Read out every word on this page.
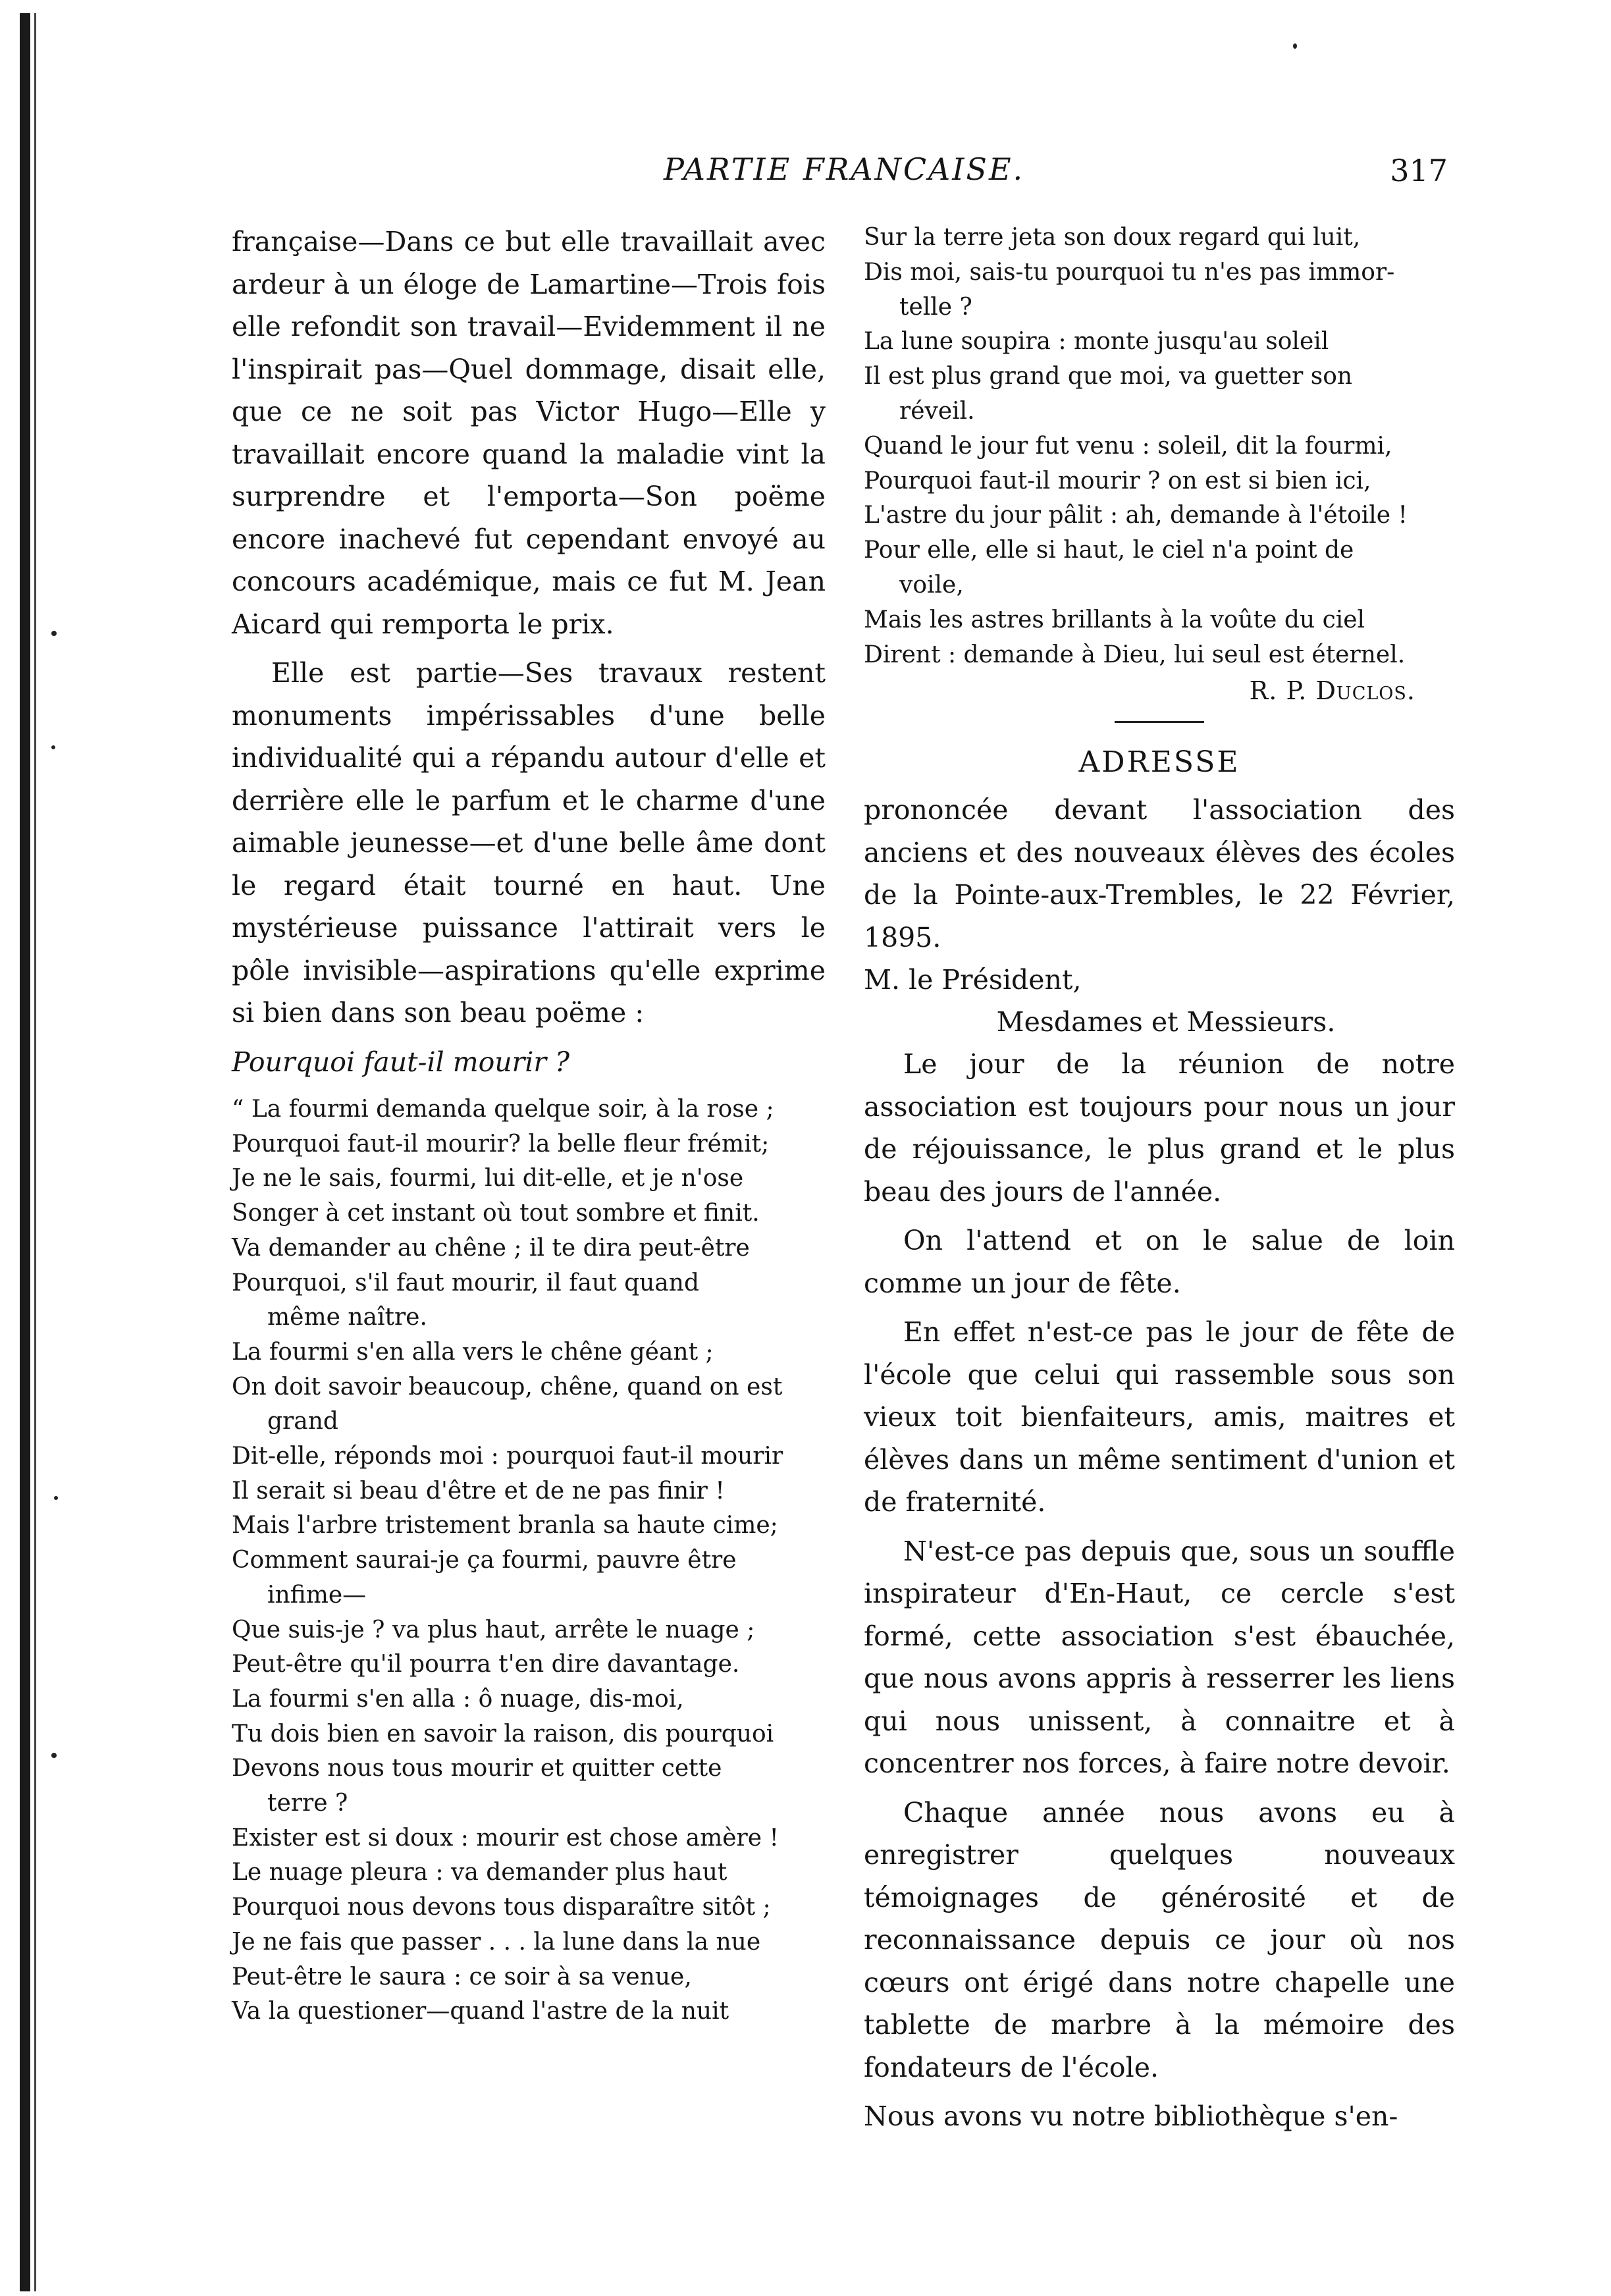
PARTIE FRANCAISE.	317

française—Dans ce but elle travaillait avec ardeur à un éloge de Lamartine—Trois fois elle refondit son travail—Evidemment il ne l'inspirait pas—Quel dommage, disait elle, que ce ne soit pas Victor Hugo—Elle y travaillait encore quand la maladie vint la surprendre et l'emporta—Son poëme encore inachevé fut cependant envoyé au concours académique, mais ce fut M. Jean Aicard qui remporta le prix.

Elle est partie—Ses travaux restent monuments impérissables d'une belle individualité qui a répandu autour d'elle et derrière elle le parfum et le charme d'une aimable jeunesse—et d'une belle âme dont le regard était tourné en haut. Une mystérieuse puissance l'attirait vers le pôle invisible—aspirations qu'elle exprime si bien dans son beau poëme :

Pourquoi faut-il mourir ?

“ La fourmi demanda quelque soir, à la rose ;
Pourquoi faut-il mourir? la belle fleur frémit;
Je ne le sais, fourmi, lui dit-elle, et je n'ose
Songer à cet instant où tout sombre et finit.
Va demander au chêne ; il te dira peut-être
Pourquoi, s'il faut mourir, il faut quand
même naître.
La fourmi s'en alla vers le chêne géant ;
On doit savoir beaucoup, chêne, quand on est
grand
Dit-elle, réponds moi : pourquoi faut-il mourir
Il serait si beau d'être et de ne pas finir !
Mais l'arbre tristement branla sa haute cime;
Comment saurai-je ça fourmi, pauvre être
infime—
Que suis-je ? va plus haut, arrête le nuage ;
Peut-être qu'il pourra t'en dire davantage.
La fourmi s'en alla : ô nuage, dis-moi,
Tu dois bien en savoir la raison, dis pourquoi
Devons nous tous mourir et quitter cette
terre ?
Exister est si doux : mourir est chose amère !
Le nuage pleura : va demander plus haut
Pourquoi nous devons tous disparaître sitôt ;
Je ne fais que passer . . . la lune dans la nue
Peut-être le saura : ce soir à sa venue,
Va la questioner—quand l'astre de la nuit
Sur la terre jeta son doux regard qui luit,
Dis moi, sais-tu pourquoi tu n'es pas immor-
telle ?
La lune soupira : monte jusqu'au soleil
Il est plus grand que moi, va guetter son
réveil.
Quand le jour fut venu : soleil, dit la fourmi,
Pourquoi faut-il mourir ? on est si bien ici,
L'astre du jour pâlit : ah, demande à l'étoile !
Pour elle, elle si haut, le ciel n'a point de
voile,
Mais les astres brillants à la voûte du ciel
Dirent : demande à Dieu, lui seul est éternel.
R. P. Duclos.
ADRESSE

prononcée devant l'association des anciens et des nouveaux élèves des écoles de la Pointe-aux-Trembles, le 22 Février, 1895.

M. le Président,
Mesdames et Messieurs.

Le jour de la réunion de notre association est toujours pour nous un jour de réjouissance, le plus grand et le plus beau des jours de l'année.

On l'attend et on le salue de loin comme un jour de fête.

En effet n'est-ce pas le jour de fête de l'école que celui qui rassemble sous son vieux toit bienfaiteurs, amis, maitres et élèves dans un même sentiment d'union et de fraternité.

N'est-ce pas depuis que, sous un souffle inspirateur d'En-Haut, ce cercle s'est formé, cette association s'est ébauchée, que nous avons appris à resserrer les liens qui nous unissent, à connaitre et à concentrer nos forces, à faire notre devoir.

Chaque année nous avons eu à enregistrer quelques nouveaux témoignages de générosité et de reconnaissance depuis ce jour où nos cœurs ont érigé dans notre chapelle une tablette de marbre à la mémoire des fondateurs de l'école.

Nous avons vu notre bibliothèque s'en-
